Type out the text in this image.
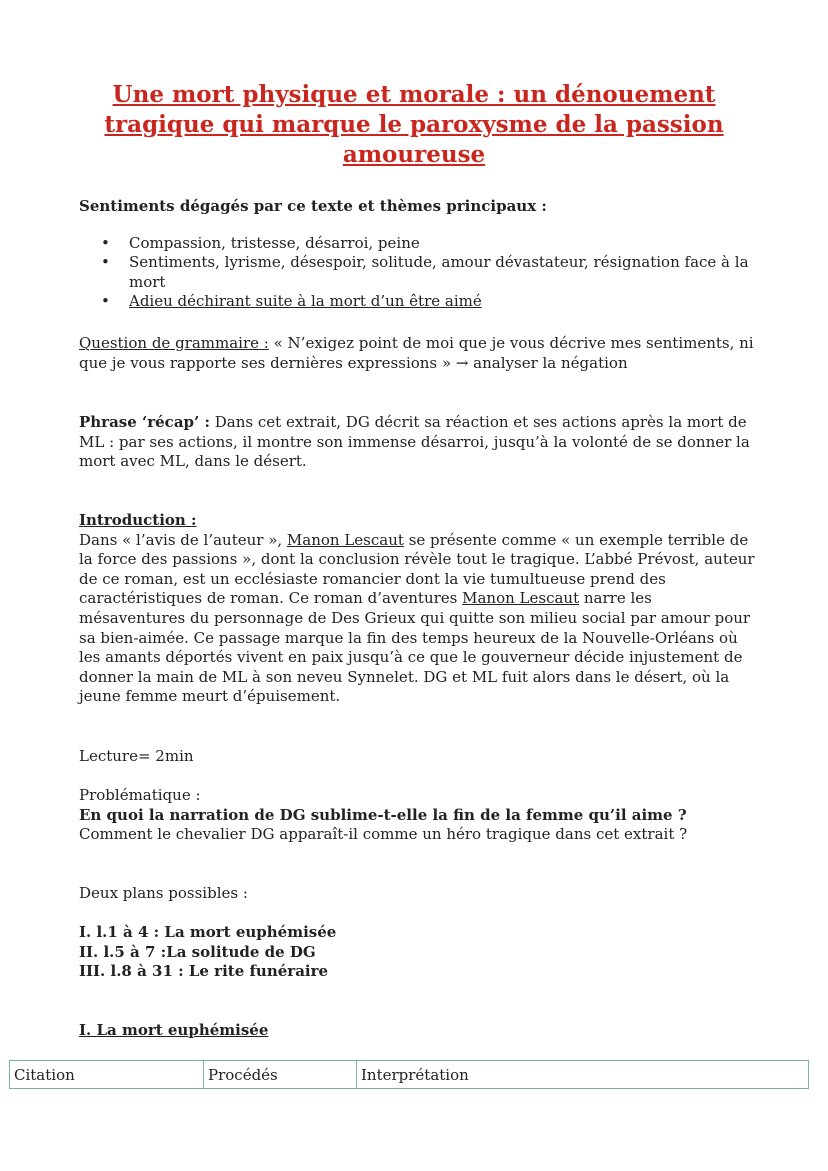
Une mort physique et morale : un dénouement tragique qui marque le paroxysme de la passion amoureuse

Sentiments dégagés par ce texte et thèmes principaux :

• Compassion, tristesse, désarroi, peine
• Sentiments, lyrisme, désespoir, solitude, amour dévastateur, résignation face à la mort
• Adieu déchirant suite à la mort d’un être aimé

Question de grammaire : « N’exigez point de moi que je vous décrive mes sentiments, ni que je vous rapporte ses dernières expressions » → analyser la négation

Phrase ‘récap’ : Dans cet extrait, DG décrit sa réaction et ses actions après la mort de ML : par ses actions, il montre son immense désarroi, jusqu’à la volonté de se donner la mort avec ML, dans le désert.

Introduction :

Dans « l’avis de l’auteur », Manon Lescaut se présente comme « un exemple terrible de la force des passions », dont la conclusion révèle tout le tragique. L’abbé Prévost, auteur de ce roman, est un ecclésiaste romancier dont la vie tumultueuse prend des caractéristiques de roman. Ce roman d’aventures Manon Lescaut narre les mésaventures du personnage de Des Grieux qui quitte son milieu social par amour pour sa bien-aimée. Ce passage marque la fin des temps heureux de la Nouvelle-Orléans où les amants déportés vivent en paix jusqu’à ce que le gouverneur décide injustement de donner la main de ML à son neveu Synnelet. DG et ML fuit alors dans le désert, où la jeune femme meurt d’épuisement.

Lecture= 2min

Problématique :

En quoi la narration de DG sublime-t-elle la fin de la femme qu’il aime ?

Comment le chevalier DG apparaît-il comme un héro tragique dans cet extrait ?

Deux plans possibles :

I. l.1 à 4 : La mort euphémisée

II. l.5 à 7 :La solitude de DG

III. l.8 à 31 : Le rite funéraire

I. La mort euphémisée

Citation	Procédés	Interprétation
